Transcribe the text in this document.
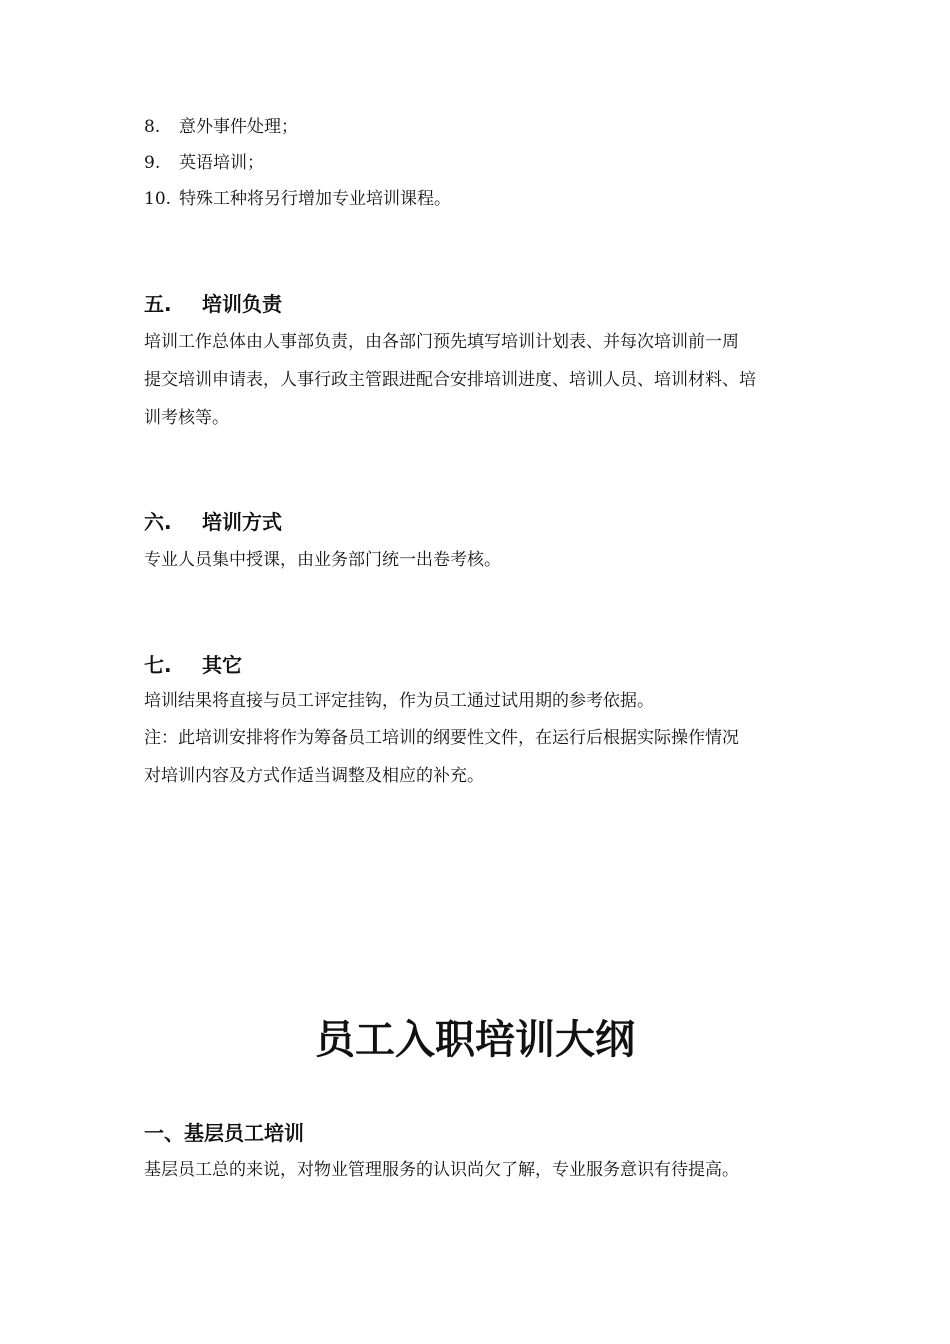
8. 意外事件处理；
9. 英语培训；
10. 特殊工种将另行增加专业培训课程。
五. 培训负责
培训工作总体由人事部负责，由各部门预先填写培训计划表、并每次培训前一周
提交培训申请表，人事行政主管跟进配合安排培训进度、培训人员、培训材料、培
训考核等。
六. 培训方式
专业人员集中授课，由业务部门统一出卷考核。
七. 其它
培训结果将直接与员工评定挂钩，作为员工通过试用期的参考依据。
注：此培训安排将作为筹备员工培训的纲要性文件，在运行后根据实际操作情况
对培训内容及方式作适当调整及相应的补充。
员工入职培训大纲
一、基层员工培训
基层员工总的来说，对物业管理服务的认识尚欠了解，专业服务意识有待提高。
